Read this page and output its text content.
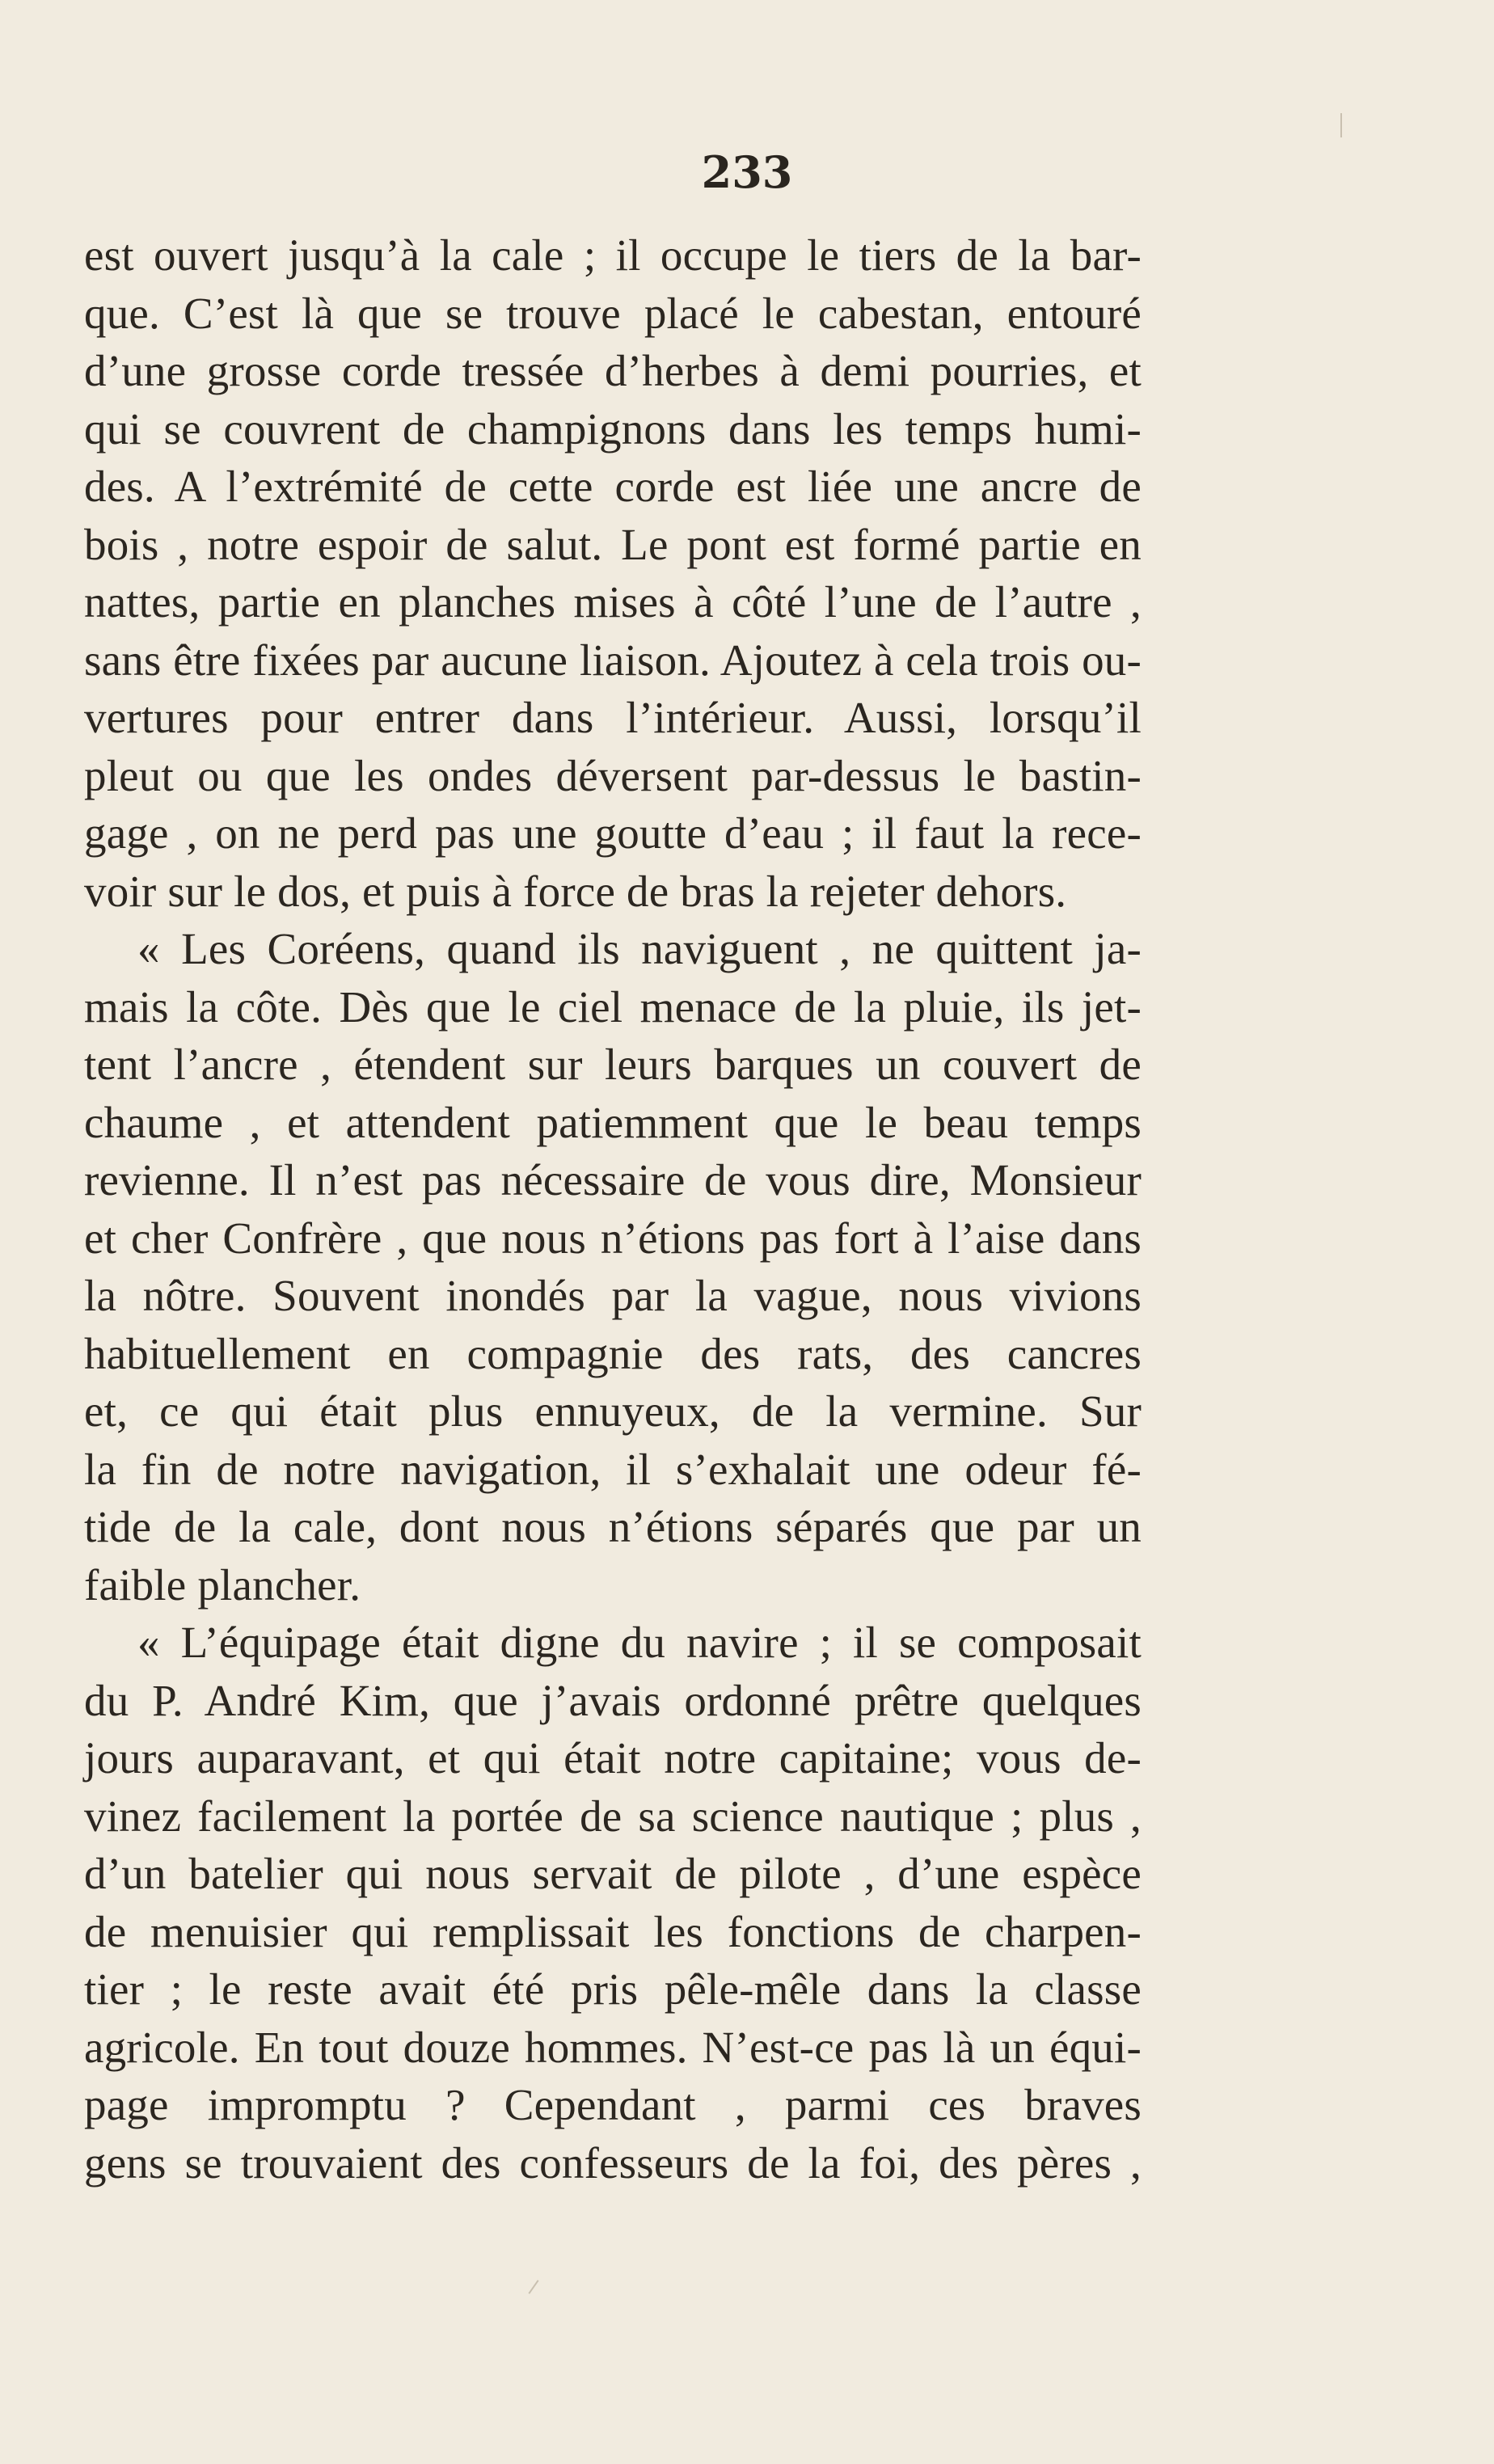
233
est ouvert jusqu’à la cale ; il occupe le tiers de la bar-
que. C’est là que se trouve placé le cabestan, entouré
d’une grosse corde tressée d’herbes à demi pourries, et
qui se couvrent de champignons dans les temps humi-
des. A l’extrémité de cette corde est liée une ancre de
bois , notre espoir de salut. Le pont est formé partie en
nattes, partie en planches mises à côté l’une de l’autre ,
sans être fixées par aucune liaison. Ajoutez à cela trois ou-
vertures pour entrer dans l’intérieur. Aussi, lorsqu’il
pleut ou que les ondes déversent par-dessus le bastin-
gage , on ne perd pas une goutte d’eau ; il faut la rece-
voir sur le dos, et puis à force de bras la rejeter dehors.
« Les Coréens, quand ils naviguent , ne quittent ja-
mais la côte. Dès que le ciel menace de la pluie, ils jet-
tent l’ancre , étendent sur leurs barques un couvert de
chaume , et attendent patiemment que le beau temps
revienne. Il n’est pas nécessaire de vous dire, Monsieur
et cher Confrère , que nous n’étions pas fort à l’aise dans
la nôtre. Souvent inondés par la vague, nous vivions
habituellement en compagnie des rats, des cancres
et, ce qui était plus ennuyeux, de la vermine. Sur
la fin de notre navigation, il s’exhalait une odeur fé-
tide de la cale, dont nous n’étions séparés que par un
faible plancher.
« L’équipage était digne du navire ; il se composait
du P. André Kim, que j’avais ordonné prêtre quelques
jours auparavant, et qui était notre capitaine; vous de-
vinez facilement la portée de sa science nautique ; plus ,
d’un batelier qui nous servait de pilote , d’une espèce
de menuisier qui remplissait les fonctions de charpen-
tier ; le reste avait été pris pêle-mêle dans la classe
agricole. En tout douze hommes. N’est-ce pas là un équi-
page impromptu ? Cependant , parmi ces braves
gens se trouvaient des confesseurs de la foi, des pères ,
